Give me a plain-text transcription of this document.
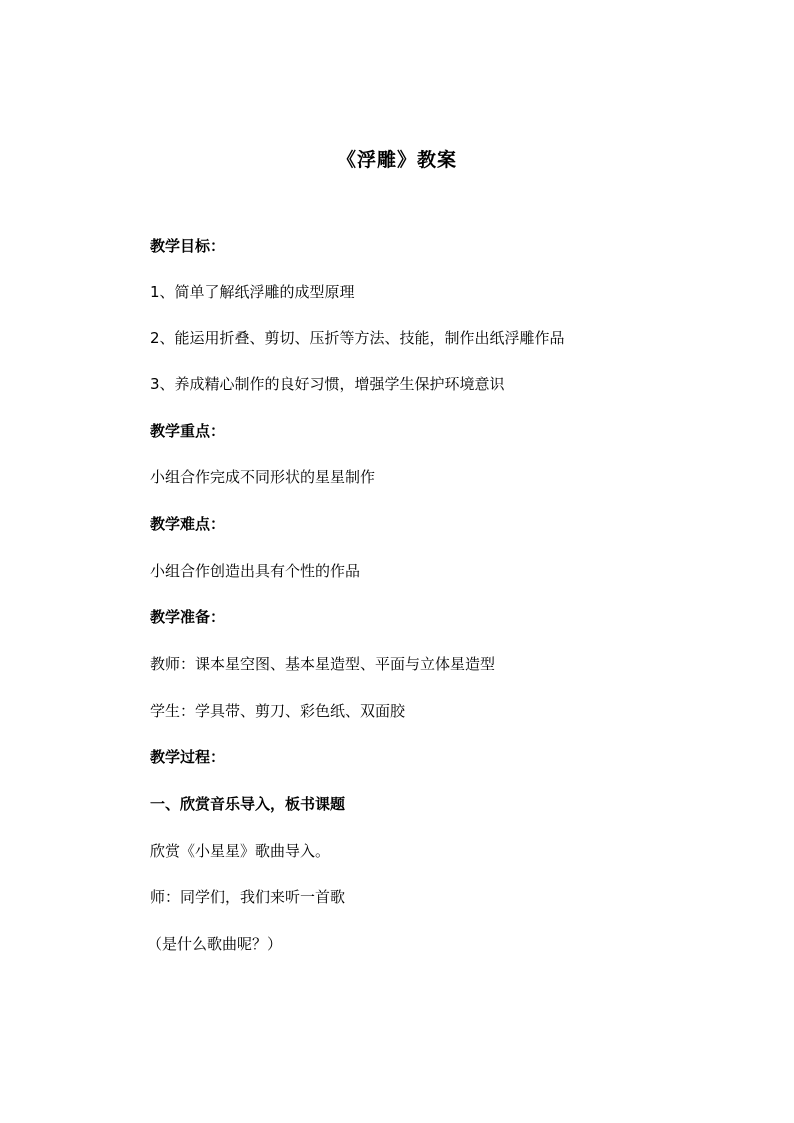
《浮雕》教案
教学目标：
1、简单了解纸浮雕的成型原理
2、能运用折叠、剪切、压折等方法、技能，制作出纸浮雕作品
3、养成精心制作的良好习惯，增强学生保护环境意识
教学重点：
小组合作完成不同形状的星星制作
教学难点：
小组合作创造出具有个性的作品
教学准备：
教师：课本星空图、基本星造型、平面与立体星造型
学生：学具带、剪刀、彩色纸、双面胶
教学过程：
一、欣赏音乐导入，板书课题
欣赏《小星星》歌曲导入。
师：同学们，我们来听一首歌
（是什么歌曲呢？）
